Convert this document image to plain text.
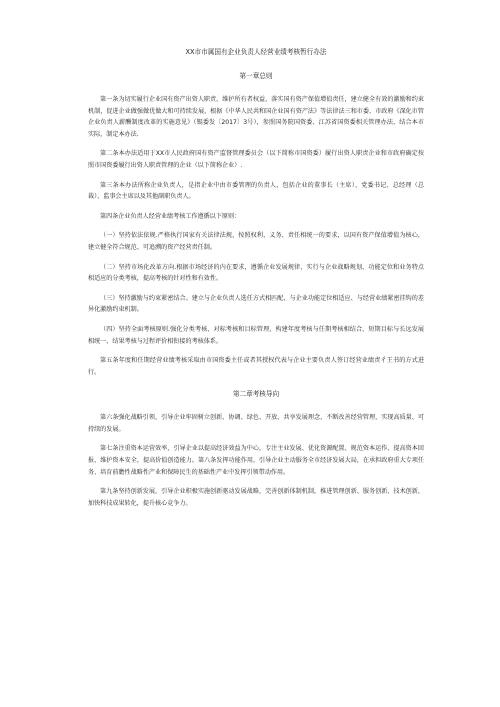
XX市市属国有企业负责人经营业绩考核暂行办法
第一章总则

第一条为切实履行企业国有资产出资人职责，维护所有者权益，落实国有资产保值增值责任，建立健全有效的激励和约束机制，促进企业做强做优做大和可持续发展，根据《中华人民共和国企业国有资产法》等法律法三和市委、市政府《深化市管企业负责人薪酬制度改革的实施意见》（锡委发〔2017〕3号），参照国务院国资委、江苏省国资委相关管理办法，结合本市实际，制定本办法.

第二条本办法适用于XX市人民政府国有资产监督管理委员会（以下简称市国资委）履行出资人职责企业和市政府确定按照市国资委履行出资人职责管理的企业（以下简称企业）.

第三条本办法所称企业负责人，是指企业中由市委管理的负责人，包括企业的董事长（主席）、党委书记、总经理（总裁）、监事会主席以及其他副职负责人。

第四条企业负责人经营业绩考核工作遵循以下原则：

（一）坚持依法依规.严格执行国家有关法律法规，按照权利、义务、责任相统一的要求，以国有资产保值增值为核心，建立健全符合规范、可追溯的资产经营责任制。

（二）坚持市场化改革方向.根据市场经济的内在要求，遵循企业发展规律，实行与企业战略规划、功能定位和业务特点相适应的分类考核，提高考核的针对性和有效性。

（三）坚持激励与约束紧密结合。建立与企业负责人选任方式相匹配、与企业功能定位相适应、与经营业绩紧密挂钩的差异化激励约束机制。

（四）坚持全面考核原则.强化分类考核、对标考核和目标管理，构建年度考核与任期考核相结合、短期目标与长远发展相统一、结果考核与过程评价相衔接的考核体系。

第五条年度和任期经营业绩考核采取由市国资委主任或者其授权代表与企业主要负责人签订经营业绩责彳王书的方式进行。

第二章考核导向

第六条强化战略引领，引导企业牢固树立创新、协调、绿色、开放、共享发展理念，不断改善经营管理，实现高质量、可持续的发展。

第七条注重资本运营效率，引导企业以提高经济效益为中心，专注主业发展、优化资源配置、规范资本运作、提高资本回报、维护资本安全，提高价值创造能力。第八条发挥功能作用，引导企业主动服务全市经济发展大局，在承担政府重大专项任务、培育前瞻性战略性产业和保障民生的基础性产业中发挥引领带动作用。

第九条坚持创新发展，引导企业积极实施创新驱动发展战略，完善创新体制机制，推进管理创新、服务创新、技术创新，加快科技成果转化，提升核心竞争力。
